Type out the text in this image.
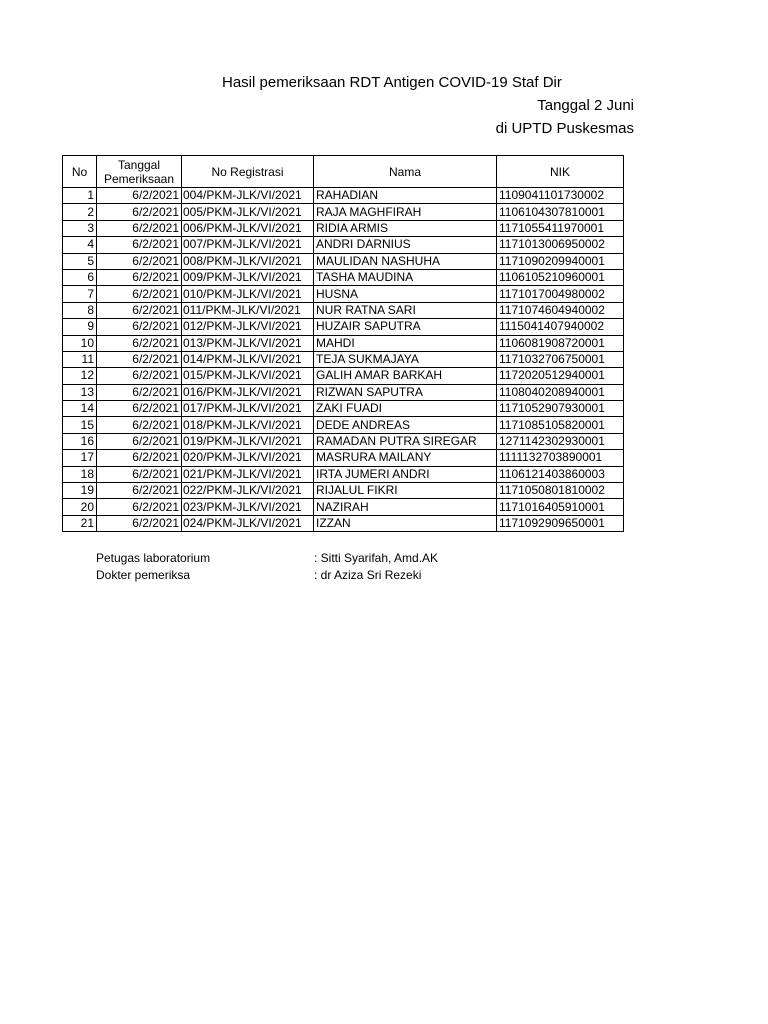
Hasil pemeriksaan RDT Antigen COVID-19 Staf Dir
Tanggal 2 Juni
di UPTD Puskesmas
No	Tanggal Pemeriksaan	No Registrasi	Nama	NIK
1	6/2/2021	004/PKM-JLK/VI/2021	RAHADIAN	1109041101730002
2	6/2/2021	005/PKM-JLK/VI/2021	RAJA MAGHFIRAH	1106104307810001
3	6/2/2021	006/PKM-JLK/VI/2021	RIDIA ARMIS	1171055411970001
4	6/2/2021	007/PKM-JLK/VI/2021	ANDRI DARNIUS	1171013006950002
5	6/2/2021	008/PKM-JLK/VI/2021	MAULIDAN NASHUHA	1171090209940001
6	6/2/2021	009/PKM-JLK/VI/2021	TASHA MAUDINA	1106105210960001
7	6/2/2021	010/PKM-JLK/VI/2021	HUSNA	1171017004980002
8	6/2/2021	011/PKM-JLK/VI/2021	NUR RATNA SARI	1171074604940002
9	6/2/2021	012/PKM-JLK/VI/2021	HUZAIR SAPUTRA	1115041407940002
10	6/2/2021	013/PKM-JLK/VI/2021	MAHDI	1106081908720001
11	6/2/2021	014/PKM-JLK/VI/2021	TEJA SUKMAJAYA	1171032706750001
12	6/2/2021	015/PKM-JLK/VI/2021	GALIH AMAR BARKAH	1172020512940001
13	6/2/2021	016/PKM-JLK/VI/2021	RIZWAN SAPUTRA	1108040208940001
14	6/2/2021	017/PKM-JLK/VI/2021	ZAKI FUADI	1171052907930001
15	6/2/2021	018/PKM-JLK/VI/2021	DEDE ANDREAS	1171085105820001
16	6/2/2021	019/PKM-JLK/VI/2021	RAMADAN PUTRA SIREGAR	1271142302930001
17	6/2/2021	020/PKM-JLK/VI/2021	MASRURA MAILANY	1111132703890001
18	6/2/2021	021/PKM-JLK/VI/2021	IRTA JUMERI ANDRI	1106121403860003
19	6/2/2021	022/PKM-JLK/VI/2021	RIJALUL FIKRI	1171050801810002
20	6/2/2021	023/PKM-JLK/VI/2021	NAZIRAH	1171016405910001
21	6/2/2021	024/PKM-JLK/VI/2021	IZZAN	1171092909650001
Petugas laboratorium	: Sitti Syarifah, Amd.AK
Dokter pemeriksa	: dr Aziza Sri Rezeki
